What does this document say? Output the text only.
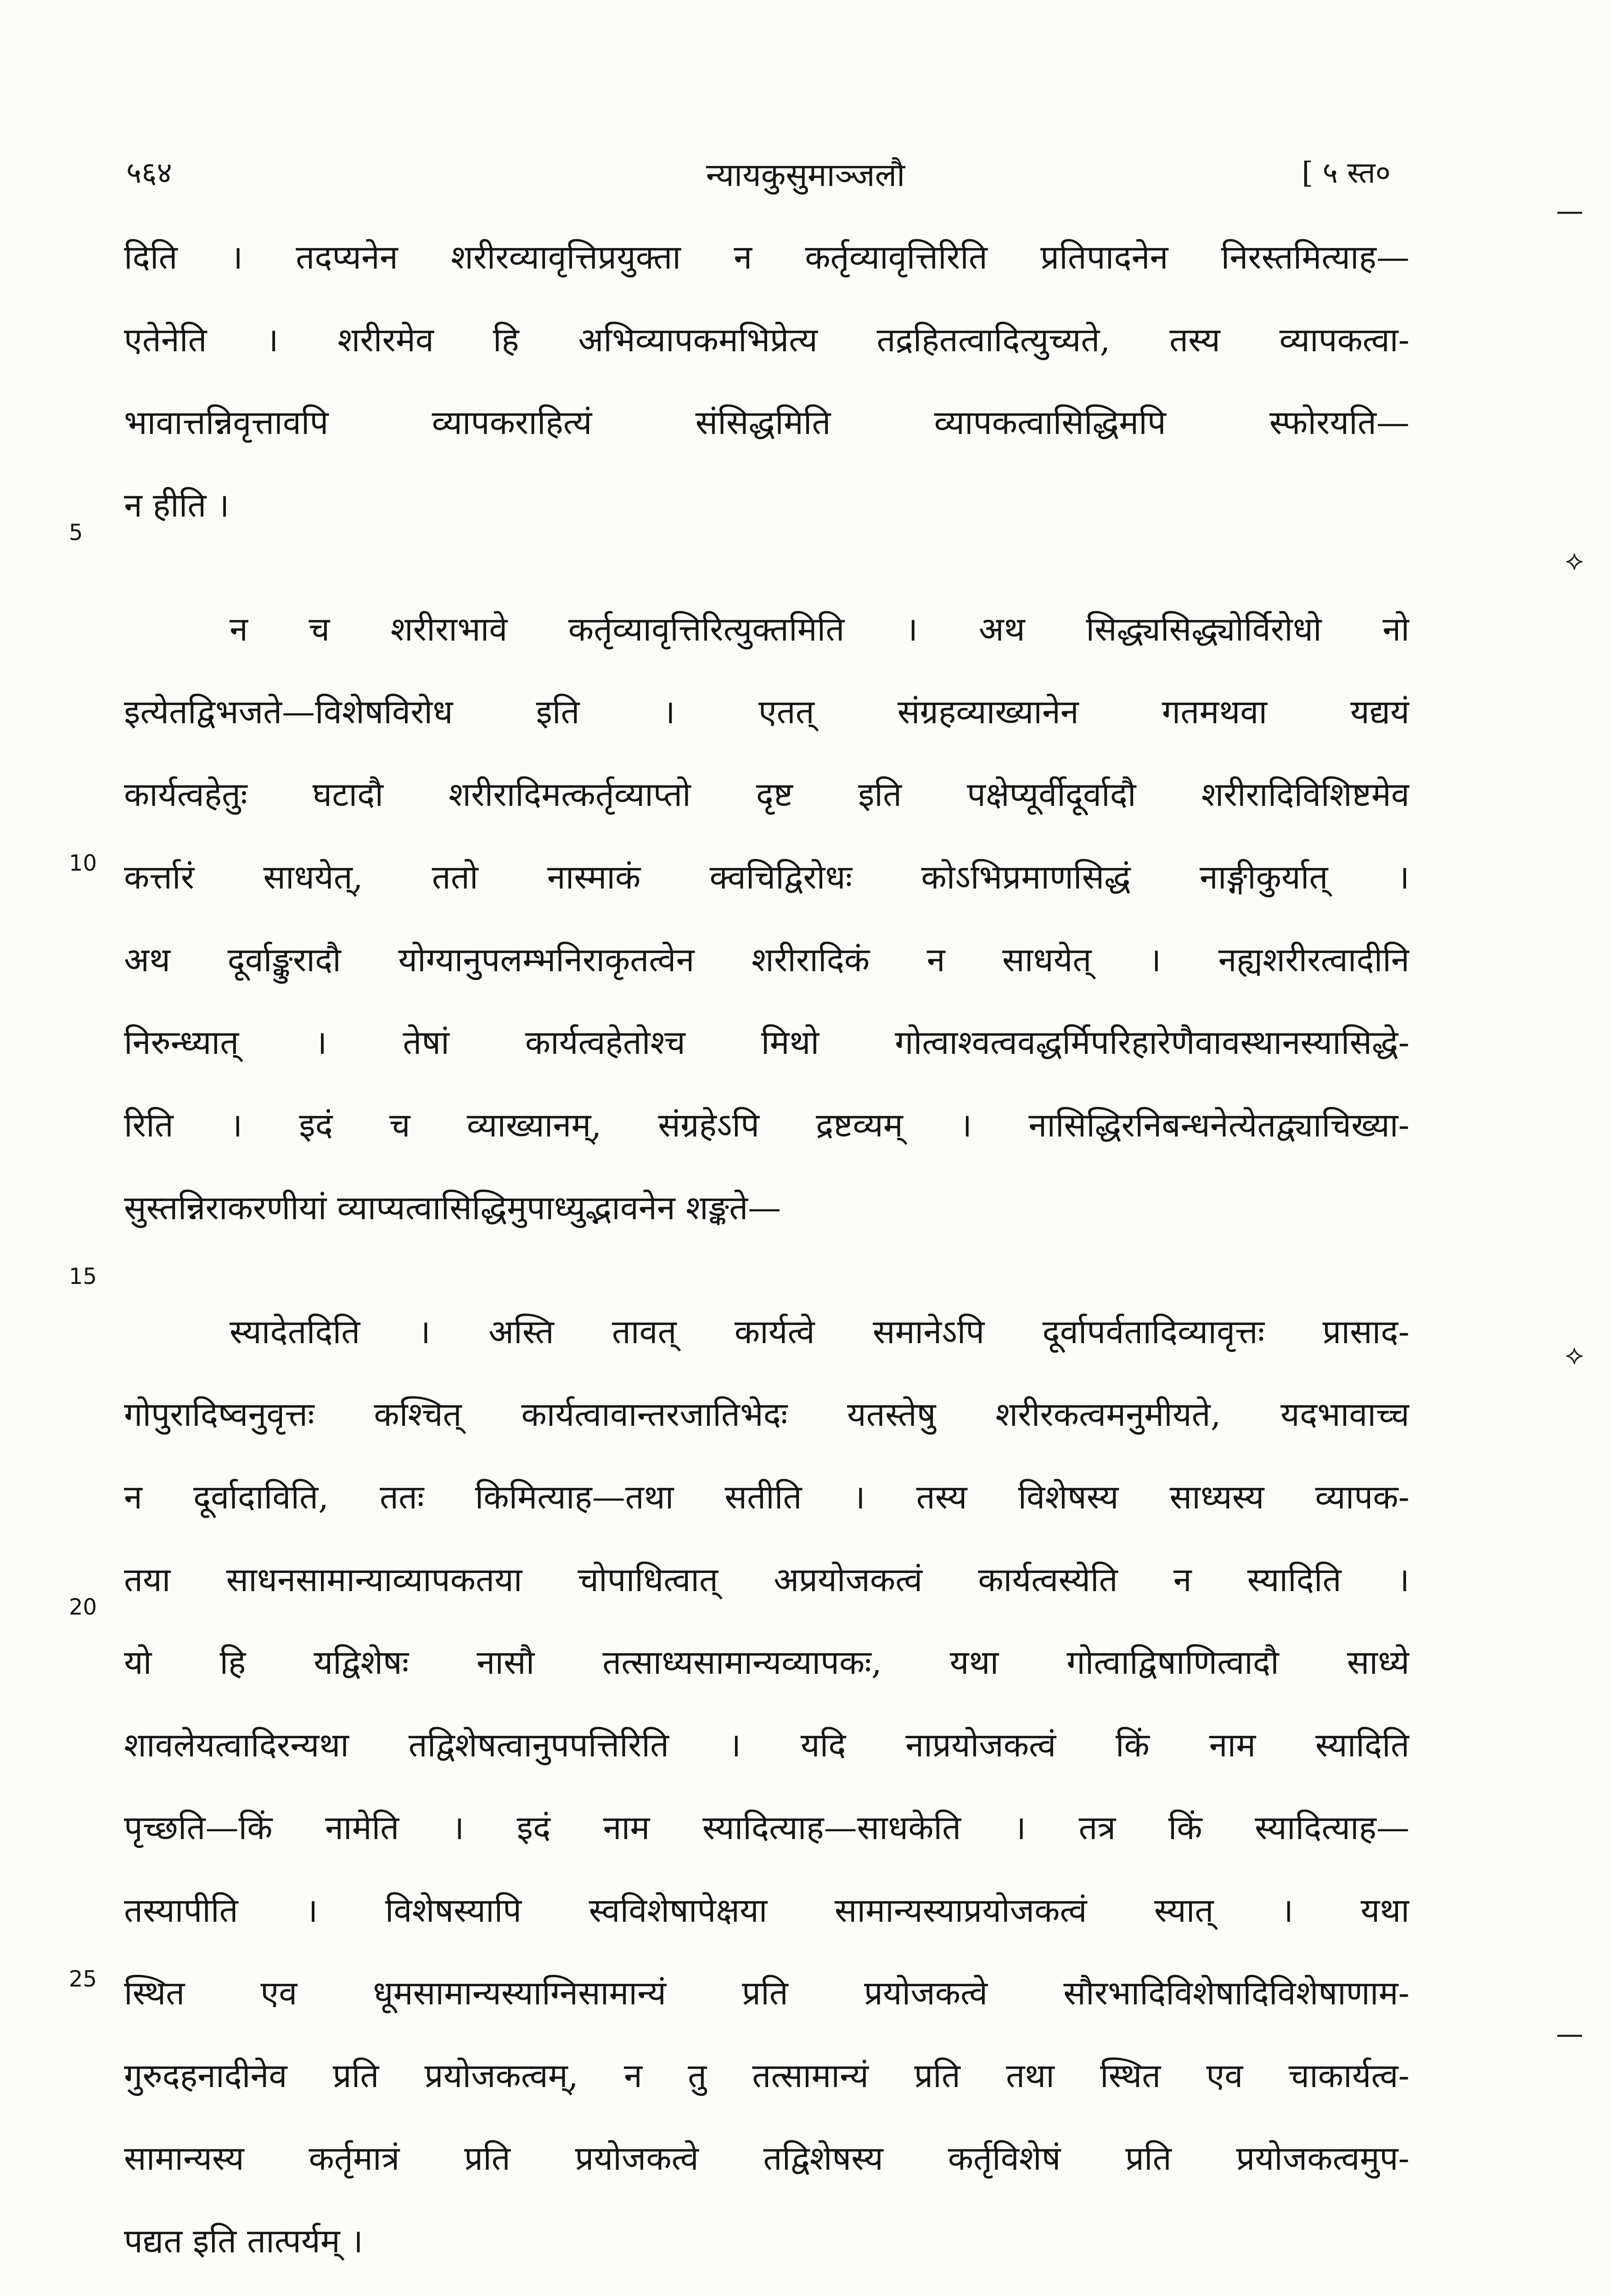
५६४	न्यायकुसुमाञ्जलौ	[ ५ स्त०
5
10
15
20
25
—
⟡
⟡
—
दिति । तदप्यनेन शरीरव्यावृत्तिप्रयुक्ता न कर्तृव्यावृत्तिरिति प्रतिपादनेन निरस्तमित्याह—
एतेनेति । शरीरमेव हि अभिव्यापकमभिप्रेत्य तद्रहितत्वादित्युच्यते, तस्य व्यापकत्वा-
भावात्तन्निवृत्तावपि व्यापकराहित्यं संसिद्धमिति व्यापकत्वासिद्धिमपि स्फोरयति—
न हीति ।
न च शरीराभावे कर्तृव्यावृत्तिरित्युक्तमिति । अथ सिद्ध्यसिद्ध्योर्विरोधो नो
इत्येतद्विभजते—विशेषविरोध इति । एतत् संग्रहव्याख्यानेन गतमथवा यद्ययं
कार्यत्वहेतुः घटादौ शरीरादिमत्कर्तृव्याप्तो दृष्ट इति पक्षेप्यूर्वीदूर्वादौ शरीरादिविशिष्टमेव
कर्त्तारं साधयेत्, ततो नास्माकं क्वचिद्विरोधः कोऽभिप्रमाणसिद्धं नाङ्गीकुर्यात् ।
अथ दूर्वाङ्कुरादौ योग्यानुपलम्भनिराकृतत्वेन शरीरादिकं न साधयेत् । नह्यशरीरत्वादीनि
निरुन्ध्यात् । तेषां कार्यत्वहेतोश्च मिथो गोत्वाश्वत्ववद्धर्मिपरिहारेणैवावस्थानस्यासिद्धे-
रिति । इदं च व्याख्यानम्, संग्रहेऽपि द्रष्टव्यम् । नासिद्धिरनिबन्धनेत्येतद्व्याचिख्या-
सुस्तन्निराकरणीयां व्याप्यत्वासिद्धिमुपाध्युद्भावनेन शङ्कते—
स्यादेतदिति । अस्ति तावत् कार्यत्वे समानेऽपि दूर्वापर्वतादिव्यावृत्तः प्रासाद-
गोपुरादिष्वनुवृत्तः कश्चित् कार्यत्वावान्तरजातिभेदः यतस्तेषु शरीरकत्वमनुमीयते, यदभावाच्च
न दूर्वादाविति, ततः किमित्याह—तथा सतीति । तस्य विशेषस्य साध्यस्य व्यापक-
तया साधनसामान्याव्यापकतया चोपाधित्वात् अप्रयोजकत्वं कार्यत्वस्येति न स्यादिति ।
यो हि यद्विशेषः नासौ तत्साध्यसामान्यव्यापकः, यथा गोत्वाद्विषाणित्वादौ साध्ये
शावलेयत्वादिरन्यथा तद्विशेषत्वानुपपत्तिरिति । यदि नाप्रयोजकत्वं किं नाम स्यादिति
पृच्छति—किं नामेति । इदं नाम स्यादित्याह—साधकेति । तत्र किं स्यादित्याह—
तस्यापीति । विशेषस्यापि स्वविशेषापेक्षया सामान्यस्याप्रयोजकत्वं स्यात् । यथा
स्थित एव धूमसामान्यस्याग्निसामान्यं प्रति प्रयोजकत्वे सौरभादिविशेषादिविशेषाणाम-
गुरुदहनादीनेव प्रति प्रयोजकत्वम्, न तु तत्सामान्यं प्रति तथा स्थित एव चाकार्यत्व-
सामान्यस्य कर्तृमात्रं प्रति प्रयोजकत्वे तद्विशेषस्य कर्तृविशेषं प्रति प्रयोजकत्वमुप-
पद्यत इति तात्पर्यम् ।
